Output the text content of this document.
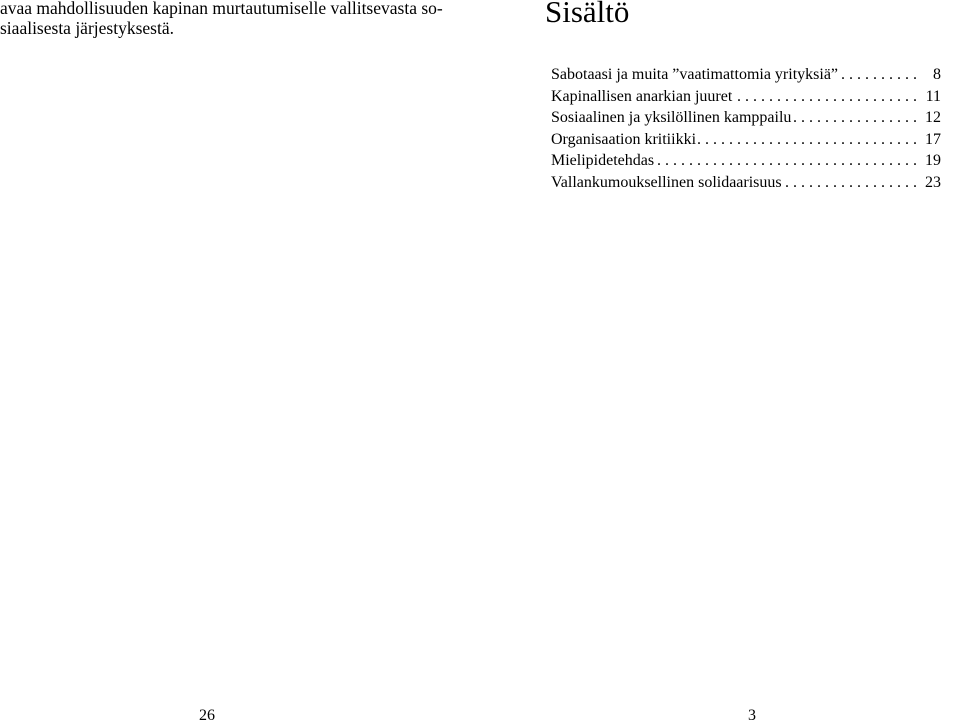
avaa mahdollisuuden kapinan murtautumiselle vallitsevasta so-
siaalisesta järjestyksestä.
26
Sisältö
Sabotaasi ja muita ”vaatimattomia yrityksiä” . . .	8
Kapinallisen anarkian juuret . . .	11
Sosiaalinen ja yksilöllinen kamppailu . . .	12
Organisaation kritiikki . . .	17
Mielipidetehdas . . .	19
Vallankumouksellinen solidaarisuus . . .	23
3
